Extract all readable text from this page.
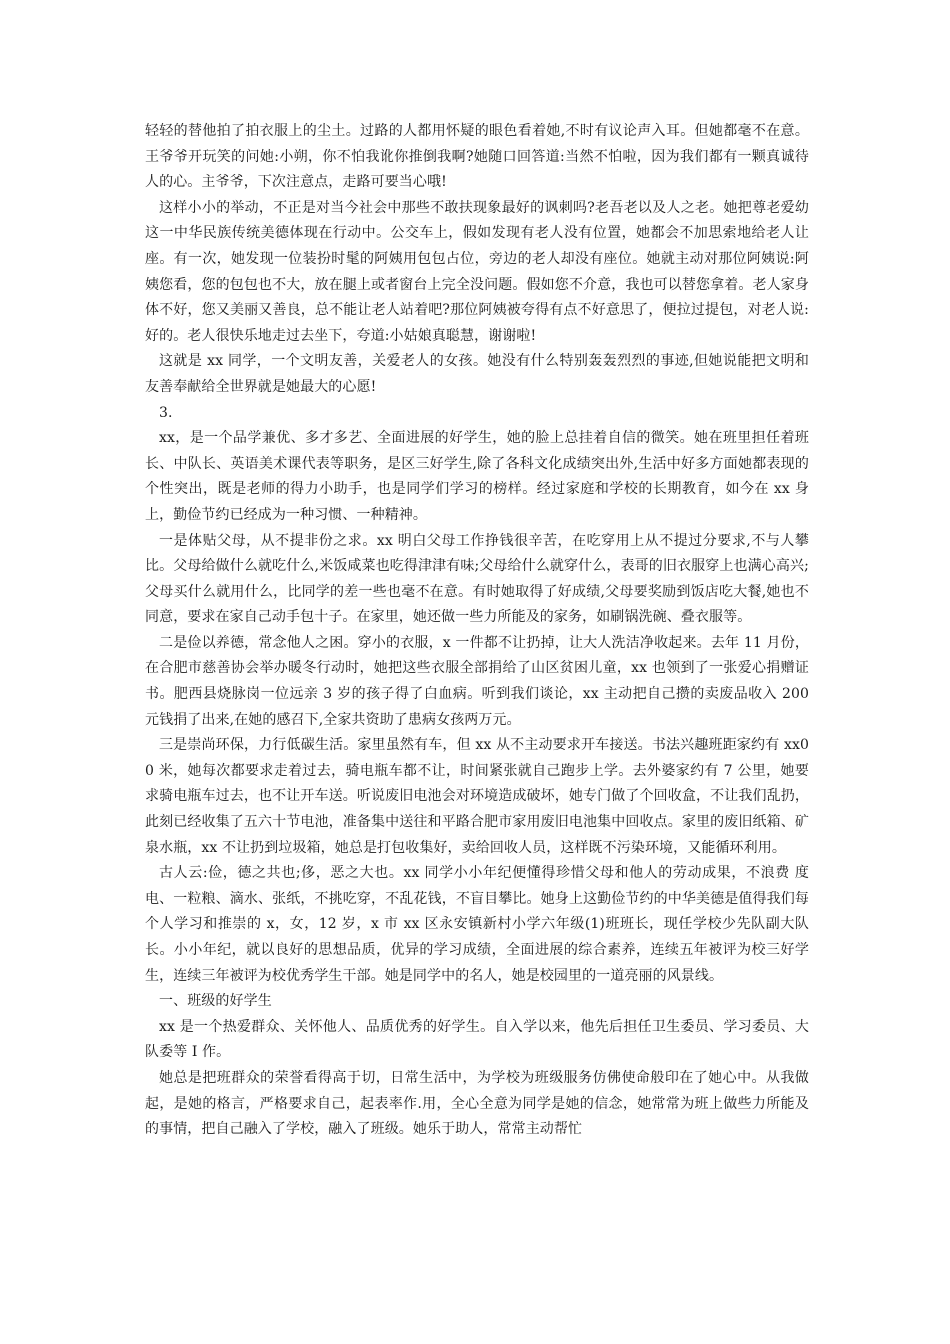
轻轻的替他拍了拍衣服上的尘土。过路的人都用怀疑的眼色看着她,不时有议论声入耳。但她都毫不在意。王爷爷开玩笑的问她:小朔，你不怕我讹你推倒我啊?她随口回答道:当然不怕啦，因为我们都有一颗真诚待人的心。主爷爷，下次注意点，走路可要当心哦!

这样小小的举动，不正是对当今社会中那些不敢扶现象最好的讽刺吗?老吾老以及人之老。她把尊老爱幼这一中华民族传统美德体现在行动中。公交车上，假如发现有老人没有位置，她都会不加思索地给老人让座。有一次，她发现一位装扮时髦的阿姨用包包占位，旁边的老人却没有座位。她就主动对那位阿姨说:阿姨您看，您的包包也不大，放在腿上或者窗台上完全没问题。假如您不介意，我也可以替您拿着。老人家身体不好，您又美丽又善良，总不能让老人站着吧?那位阿姨被夸得有点不好意思了，便拉过提包，对老人说:好的。老人很快乐地走过去坐下，夸道:小姑娘真聪慧，谢谢啦!

这就是 xx 同学，一个文明友善，关爱老人的女孩。她没有什么特别轰轰烈烈的事迹,但她说能把文明和友善奉献给全世界就是她最大的心愿!

3.

xx，是一个品学兼优、多才多艺、全面进展的好学生，她的脸上总挂着自信的微笑。她在班里担任着班长、中队长、英语美术课代表等职务，是区三好学生,除了各科文化成绩突出外,生活中好多方面她都表现的个性突出，既是老师的得力小助手，也是同学们学习的榜样。经过家庭和学校的长期教育，如今在 xx 身上，勤俭节约已经成为一种习惯、一种精神。

一是体贴父母，从不提非份之求。xx 明白父母工作挣钱很辛苦，在吃穿用上从不提过分要求,不与人攀比。父母给做什么就吃什么,米饭咸菜也吃得津津有味;父母给什么就穿什么，表哥的旧衣服穿上也满心高兴;父母买什么就用什么，比同学的差一些也毫不在意。有时她取得了好成绩,父母要奖励到饭店吃大餐,她也不同意，要求在家自己动手包十子。在家里，她还做一些力所能及的家务，如刷锅洗碗、叠衣服等。

二是俭以养德，常念他人之困。穿小的衣服，x 一件都不让扔掉，让大人洗洁净收起来。去年 11 月份，在合肥市慈善协会举办暖冬行动时，她把这些衣服全部捐给了山区贫困儿童，xx 也领到了一张爱心捐赠证书。肥西县烧脉岗一位远亲 3 岁的孩子得了白血病。听到我们谈论，xx 主动把自己攒的卖废品收入 200 元钱捐了出来,在她的感召下,全家共资助了患病女孩两万元。

三是崇尚环保，力行低碳生活。家里虽然有车，但 xx 从不主动要求开车接送。书法兴趣班距家约有 xx00 米，她每次都要求走着过去，骑电瓶车都不让，时间紧张就自己跑步上学。去外婆家约有 7 公里，她要求骑电瓶车过去，也不让开车送。听说废旧电池会对环境造成破坏，她专门做了个回收盒，不让我们乱扔，此刻已经收集了五六十节电池，准备集中送往和平路合肥市家用废旧电池集中回收点。家里的废旧纸箱、矿泉水瓶，xx 不让扔到垃圾箱，她总是打包收集好，卖给回收人员，这样既不污染环境，又能循环利用。

古人云:俭，德之共也;侈，恶之大也。xx 同学小小年纪便懂得珍惜父母和他人的劳动成果，不浪费 度电、一粒粮、滴水、张纸，不挑吃穿，不乱花钱，不盲目攀比。她身上这勤俭节约的中华美德是值得我们每个人学习和推崇的 x，女，12 岁，x 市 xx 区永安镇新村小学六年级(1)班班长，现任学校少先队副大队长。小小年纪，就以良好的思想品质，优异的学习成绩，全面进展的综合素养，连续五年被评为校三好学生，连续三年被评为校优秀学生干部。她是同学中的名人，她是校园里的一道亮丽的风景线。

一、班级的好学生

xx 是一个热爱群众、关怀他人、品质优秀的好学生。自入学以来，他先后担任卫生委员、学习委员、大队委等 I 作。

她总是把班群众的荣誉看得高于切，日常生活中，为学校为班级服务仿佛使命般印在了她心中。从我做起，是她的格言，严格要求自己，起表率作.用，全心全意为同学是她的信念，她常常为班上做些力所能及的事情，把自己融入了学校，融入了班级。她乐于助人，常常主动帮忙
